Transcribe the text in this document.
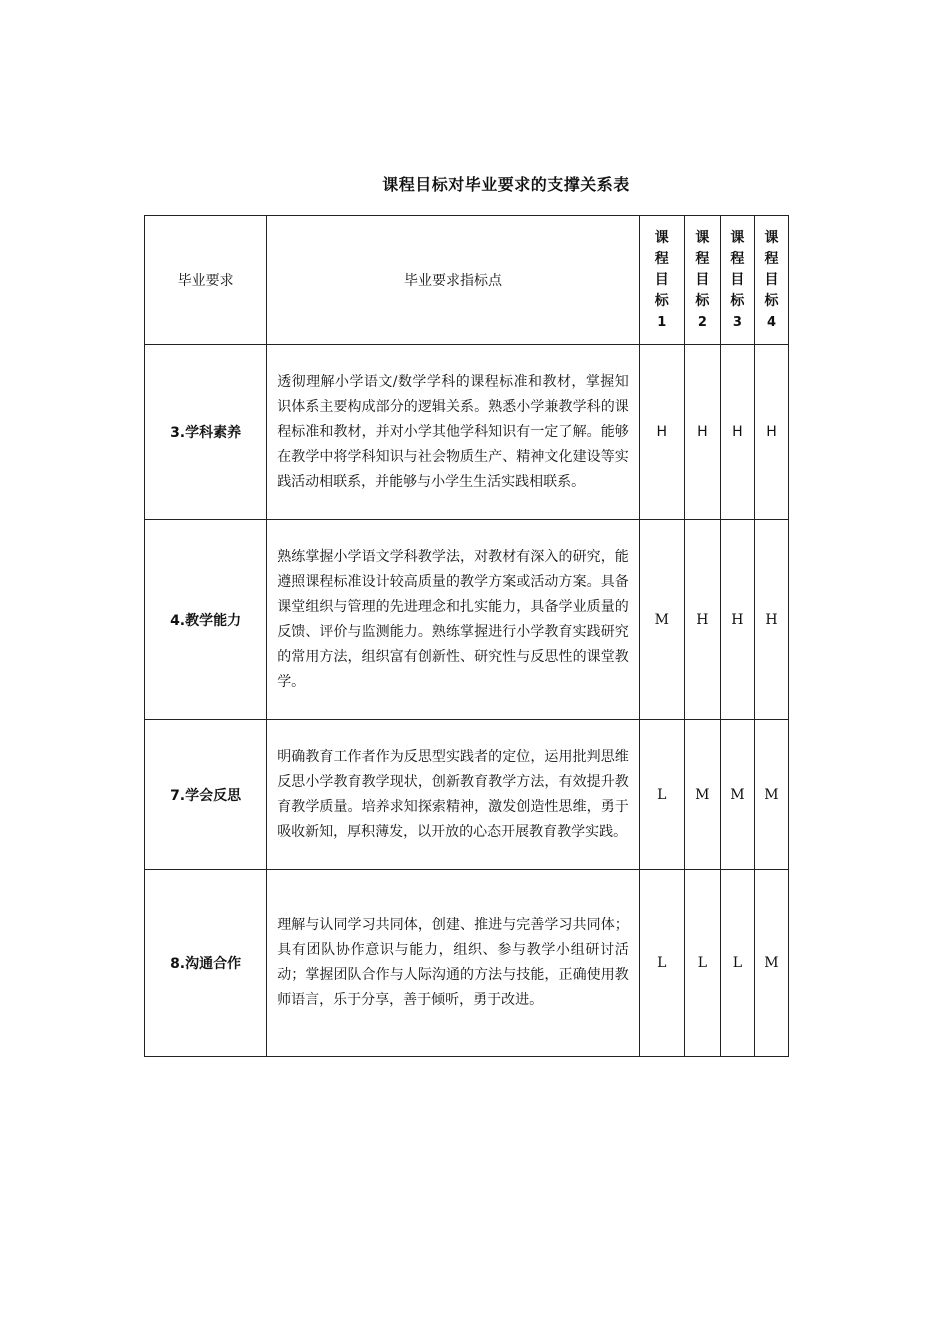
课程目标对毕业要求的支撑关系表
毕业要求	毕业要求指标点	课
程
目
标
1	课
程
目
标
2	课
程
目
标
3	课
程
目
标
4

3.学科素养	透彻理解小学语文/数学学科的课程标准和教材，掌握知识体系主要构成部分的逻辑关系。熟悉小学兼教学科的课程标准和教材，并对小学其他学科知识有一定了解。能够在教学中将学科知识与社会物质生产、精神文化建设等实践活动相联系，并能够与小学生生活实践相联系。	H	H	H	H
4.教学能力	熟练掌握小学语文学科教学法，对教材有深入的研究，能遵照课程标准设计较高质量的教学方案或活动方案。具备课堂组织与管理的先进理念和扎实能力，具备学业质量的反馈、评价与监测能力。熟练掌握进行小学教育实践研究的常用方法，组织富有创新性、研究性与反思性的课堂教学。	M	H	H	H
7.学会反思	明确教育工作者作为反思型实践者的定位，运用批判思维反思小学教育教学现状，创新教育教学方法，有效提升教育教学质量。培养求知探索精神，激发创造性思维，勇于吸收新知，厚积薄发，以开放的心态开展教育教学实践。	L	M	M	M
8.沟通合作	理解与认同学习共同体，创建、推进与完善学习共同体；具有团队协作意识与能力，组织、参与教学小组研讨活动；掌握团队合作与人际沟通的方法与技能，正确使用教师语言，乐于分享，善于倾听，勇于改进。	L	L	L	M
